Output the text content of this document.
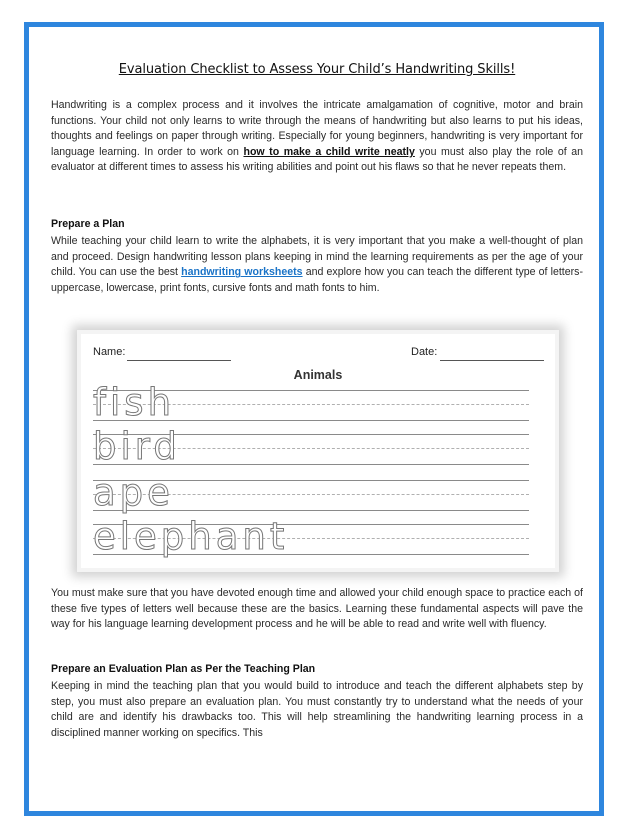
Evaluation Checklist to Assess Your Child’s Handwriting Skills!

Handwriting is a complex process and it involves the intricate amalgamation of cognitive, motor and brain functions. Your child not only learns to write through the means of handwriting but also learns to put his ideas, thoughts and feelings on paper through writing. Especially for young beginners, handwriting is very important for language learning. In order to work on how to make a child write neatly you must also play the role of an evaluator at different times to assess his writing abilities and point out his flaws so that he never repeats them.

Prepare a Plan

While teaching your child learn to write the alphabets, it is very important that you make a well-thought of plan and proceed. Design handwriting lesson plans keeping in mind the learning requirements as per the age of your child. You can use the best handwriting worksheets and explore how you can teach the different type of letters- uppercase, lowercase, print fonts, cursive fonts and math fonts to him.

Name:	Date:
Animals
fish
bird
ape
elephant

You must make sure that you have devoted enough time and allowed your child enough space to practice each of these five types of letters well because these are the basics. Learning these fundamental aspects will pave the way for his language learning development process and he will be able to read and write well with fluency.

Prepare an Evaluation Plan as Per the Teaching Plan

Keeping in mind the teaching plan that you would build to introduce and teach the different alphabets step by step, you must also prepare an evaluation plan. You must constantly try to understand what the needs of your child are and identify his drawbacks too. This will help streamlining the handwriting learning process in a disciplined manner working on specifics. This
